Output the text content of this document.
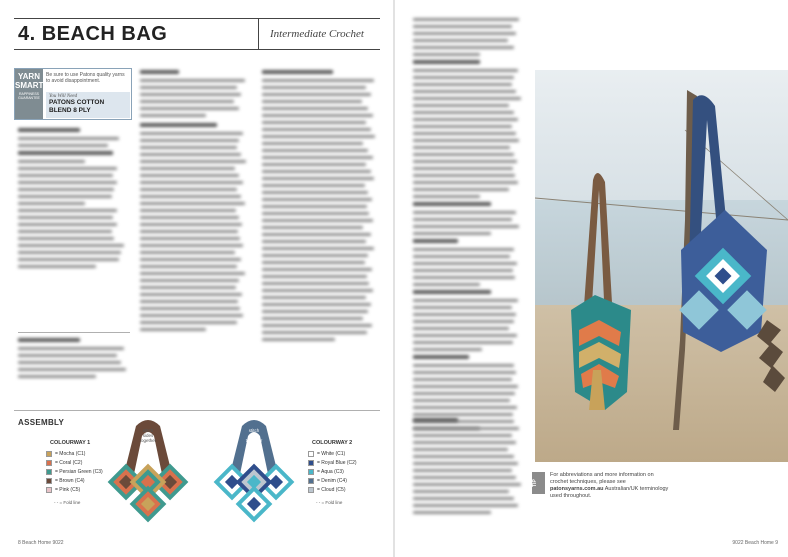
4. BEACH BAG	Intermediate Crochet
YARN SMART
RAPPINESS GUARANTEE
Be sure to use Patons quality yarns to avoid disappointment.
You Will Need
PATONS COTTON BLEND 8 PLY
ASSEMBLY
COLOURWAY 1
= Mocha (C1)
= Coral (C2)
= Persian Green (C3)
= Brown (C4)
= Pink (C5)
COLOURWAY 2
= White (C1)
= Royal Blue (C2)
= Aqua (C3)
= Denim (C4)
= Cloud (C5)
- - = Fold line	- - = Fold line
stitch sides together
stitch sides together
8 Beach Home 9022
TIP
For abbreviations and more information on crochet techniques, please see patonsyarns.com.au Australian/UK terminology used throughout.
9022 Beach Home 9
